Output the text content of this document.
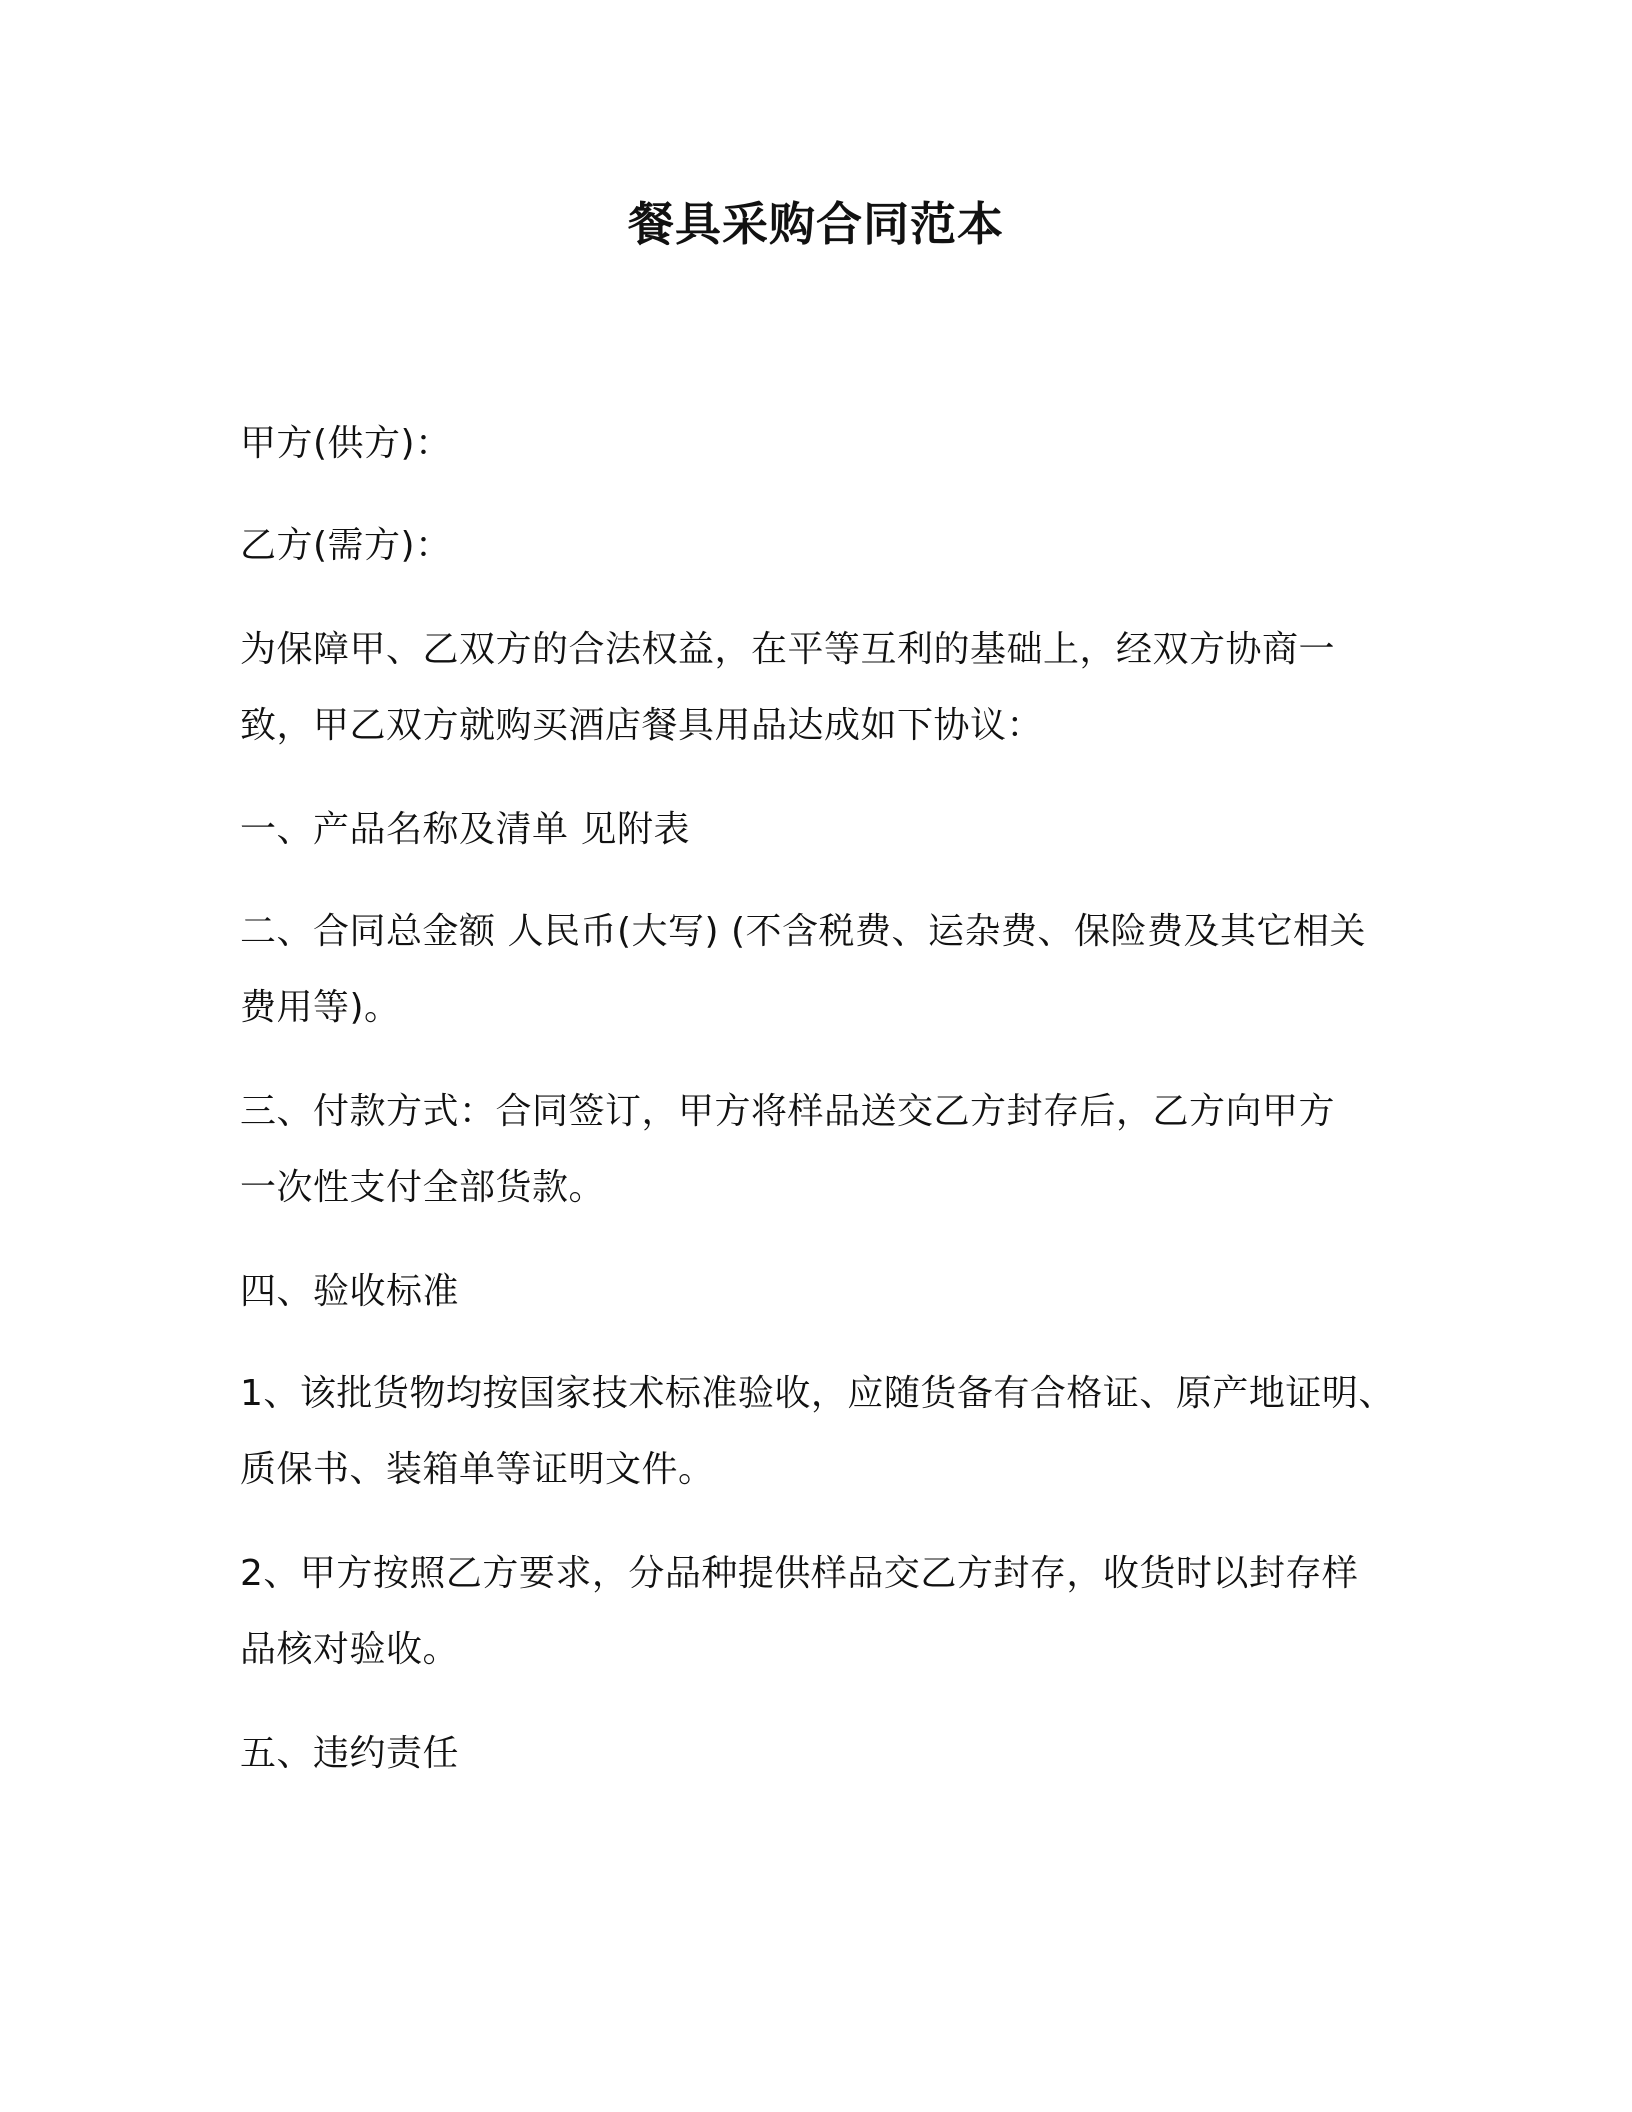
餐具采购合同范本
甲方(供方)：
乙方(需方)：
为保障甲、乙双方的合法权益，在平等互利的基础上，经双方协商一
致，甲乙双方就购买酒店餐具用品达成如下协议：
一、产品名称及清单 见附表
二、合同总金额 人民币(大写) (不含税费、运杂费、保险费及其它相关
费用等)。
三、付款方式：合同签订，甲方将样品送交乙方封存后，乙方向甲方
一次性支付全部货款。
四、验收标准
1、该批货物均按国家技术标准验收，应随货备有合格证、原产地证明、
质保书、装箱单等证明文件。
2、甲方按照乙方要求，分品种提供样品交乙方封存，收货时以封存样
品核对验收。
五、违约责任
